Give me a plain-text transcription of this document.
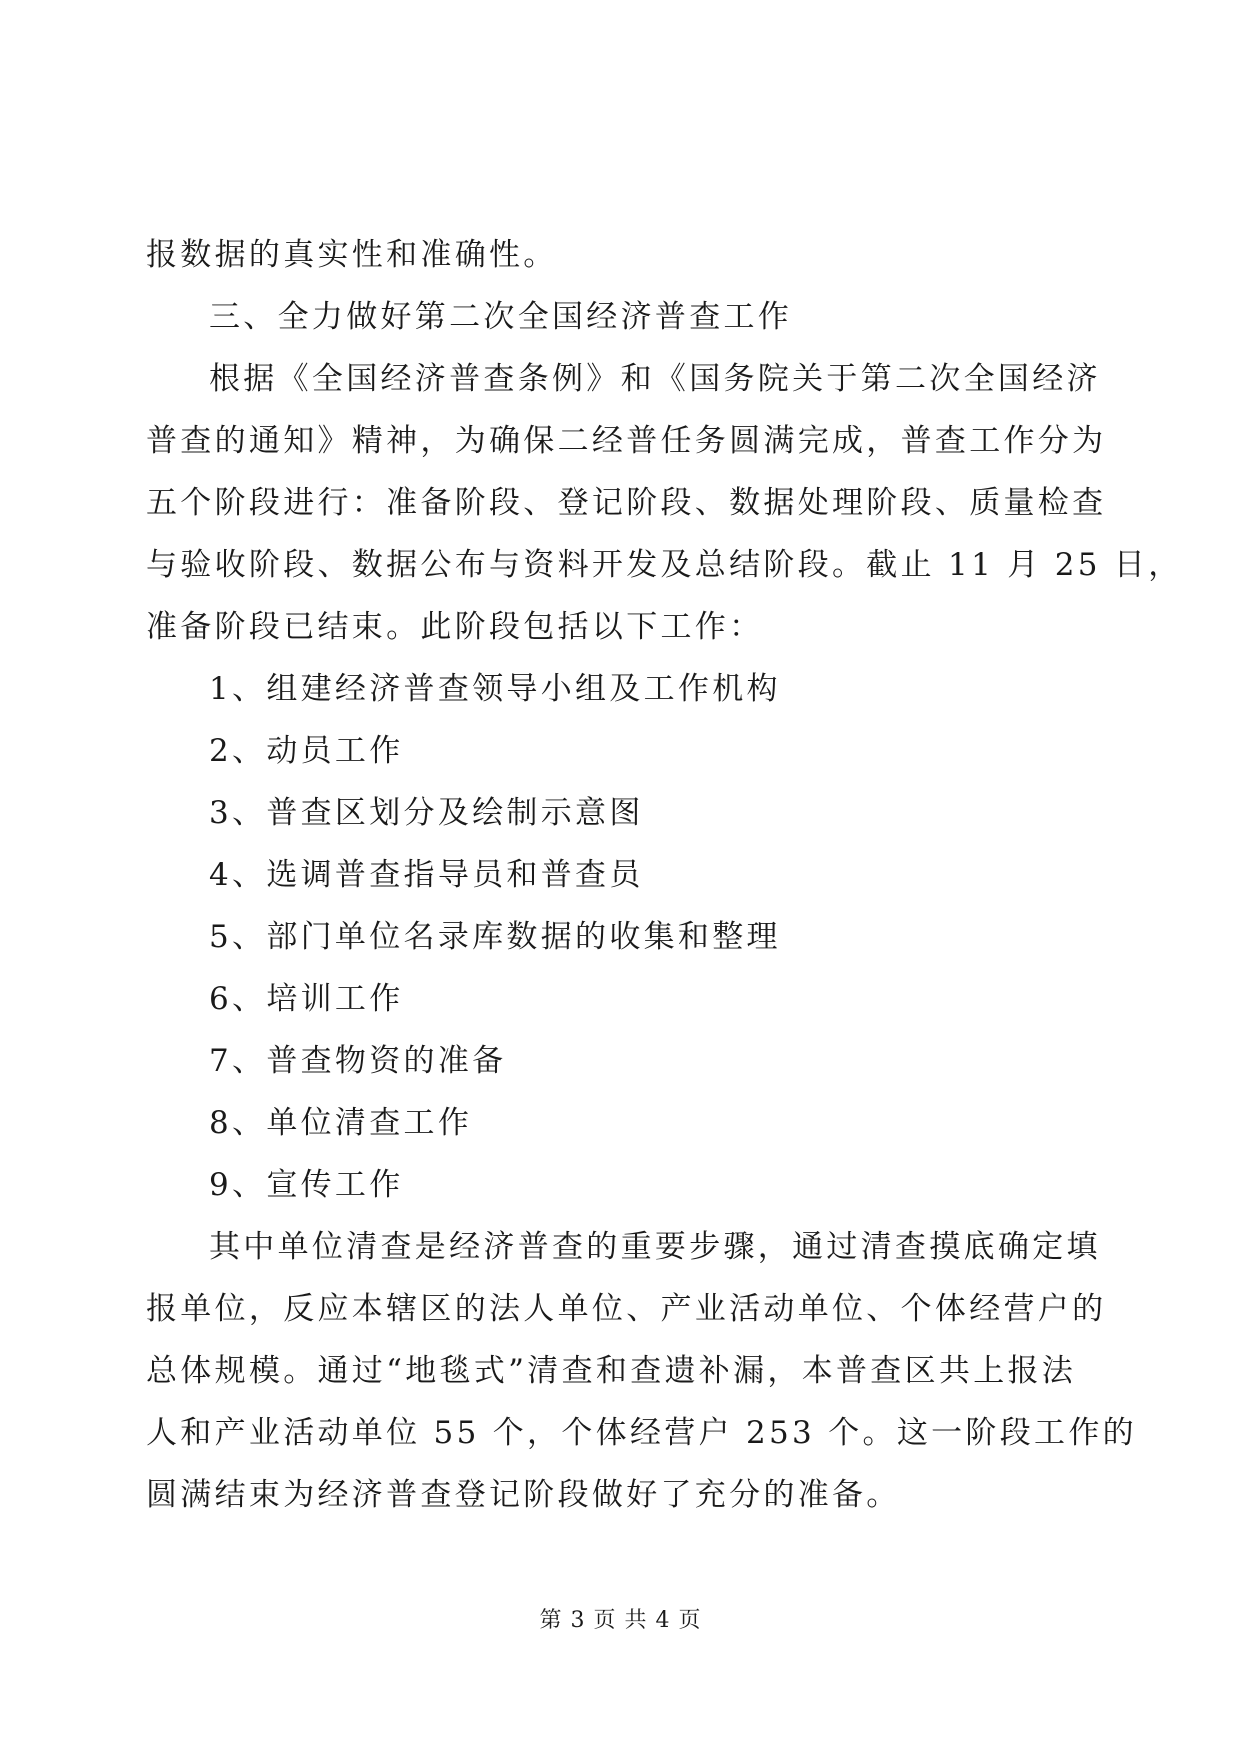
报数据的真实性和准确性。
三、全力做好第二次全国经济普查工作
根据《全国经济普查条例》和《国务院关于第二次全国经济
普查的通知》精神，为确保二经普任务圆满完成，普查工作分为
五个阶段进行：准备阶段、登记阶段、数据处理阶段、质量检查
与验收阶段、数据公布与资料开发及总结阶段。截止 11 月 25 日，
准备阶段已结束。此阶段包括以下工作：
1、组建经济普查领导小组及工作机构
2、动员工作
3、普查区划分及绘制示意图
4、选调普查指导员和普查员
5、部门单位名录库数据的收集和整理
6、培训工作
7、普查物资的准备
8、单位清查工作
9、宣传工作
其中单位清查是经济普查的重要步骤，通过清查摸底确定填
报单位，反应本辖区的法人单位、产业活动单位、个体经营户的
总体规模。通过“地毯式”清查和查遗补漏，本普查区共上报法
人和产业活动单位 55 个，个体经营户 253 个。这一阶段工作的
圆满结束为经济普查登记阶段做好了充分的准备。
第 3 页 共 4 页
